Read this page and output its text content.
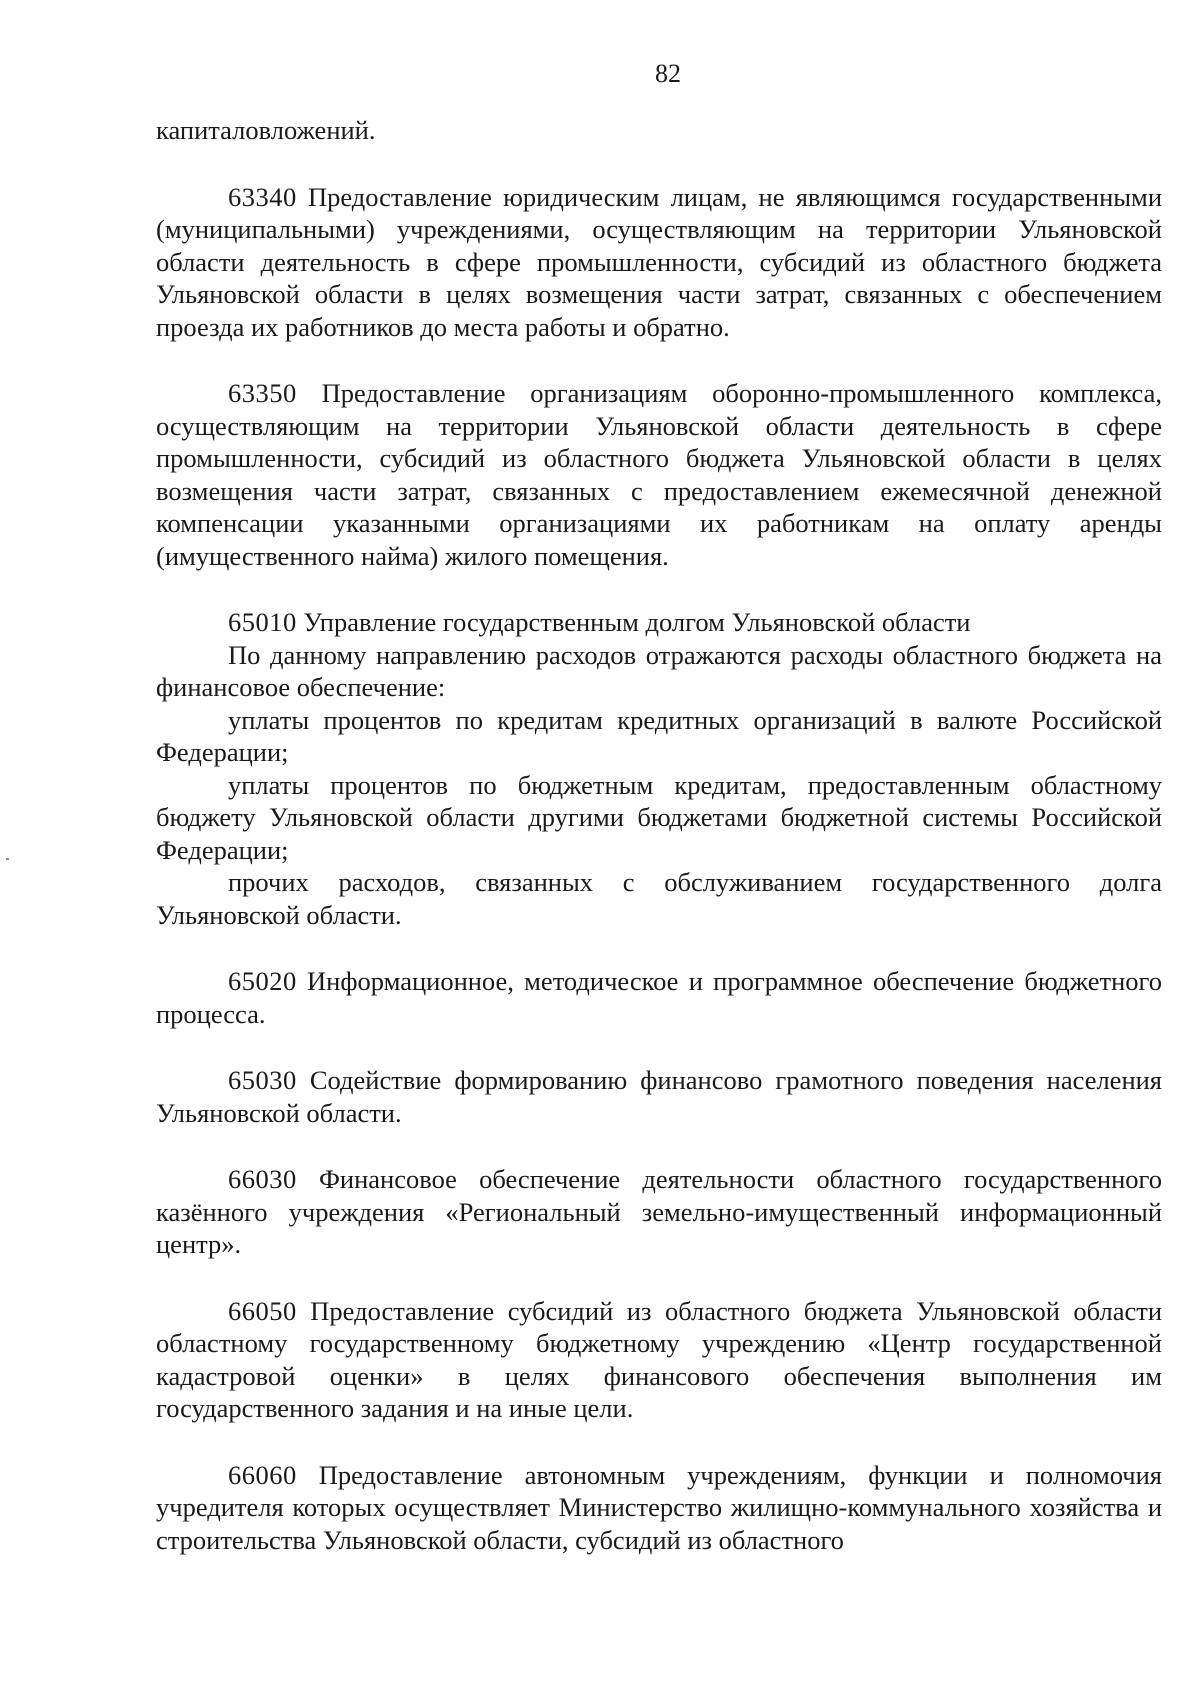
82

капиталовложений.

63340 Предоставление юридическим лицам, не являющимся государственными (муниципальными) учреждениями, осуществляющим на территории Ульяновской области деятельность в сфере промышленности, субсидий из областного бюджета Ульяновской области в целях возмещения части затрат, связанных с обеспечением проезда их работников до места работы и обратно.

63350 Предоставление организациям оборонно-промышленного комплекса, осуществляющим на территории Ульяновской области деятельность в сфере промышленности, субсидий из областного бюджета Ульяновской области в целях возмещения части затрат, связанных с предоставлением ежемесячной денежной компенсации указанными организациями их работникам на оплату аренды (имущественного найма) жилого помещения.

65010 Управление государственным долгом Ульяновской области

По данному направлению расходов отражаются расходы областного бюджета на финансовое обеспечение:

уплаты процентов по кредитам кредитных организаций в валюте Российской Федерации;

уплаты процентов по бюджетным кредитам, предоставленным областному бюджету Ульяновской области другими бюджетами бюджетной системы Российской Федерации;

прочих расходов, связанных с обслуживанием государственного долга Ульяновской области.

65020 Информационное, методическое и программное обеспечение бюджетного процесса.

65030 Содействие формированию финансово грамотного поведения населения Ульяновской области.

66030 Финансовое обеспечение деятельности областного государственного казённого учреждения «Региональный земельно-имущественный информационный центр».

66050 Предоставление субсидий из областного бюджета Ульяновской области областному государственному бюджетному учреждению «Центр государственной кадастровой оценки» в целях финансового обеспечения выполнения им государственного задания и на иные цели.

66060 Предоставление автономным учреждениям, функции и полномочия учредителя которых осуществляет Министерство жилищно-коммунального хозяйства и строительства Ульяновской области, субсидий из областного
